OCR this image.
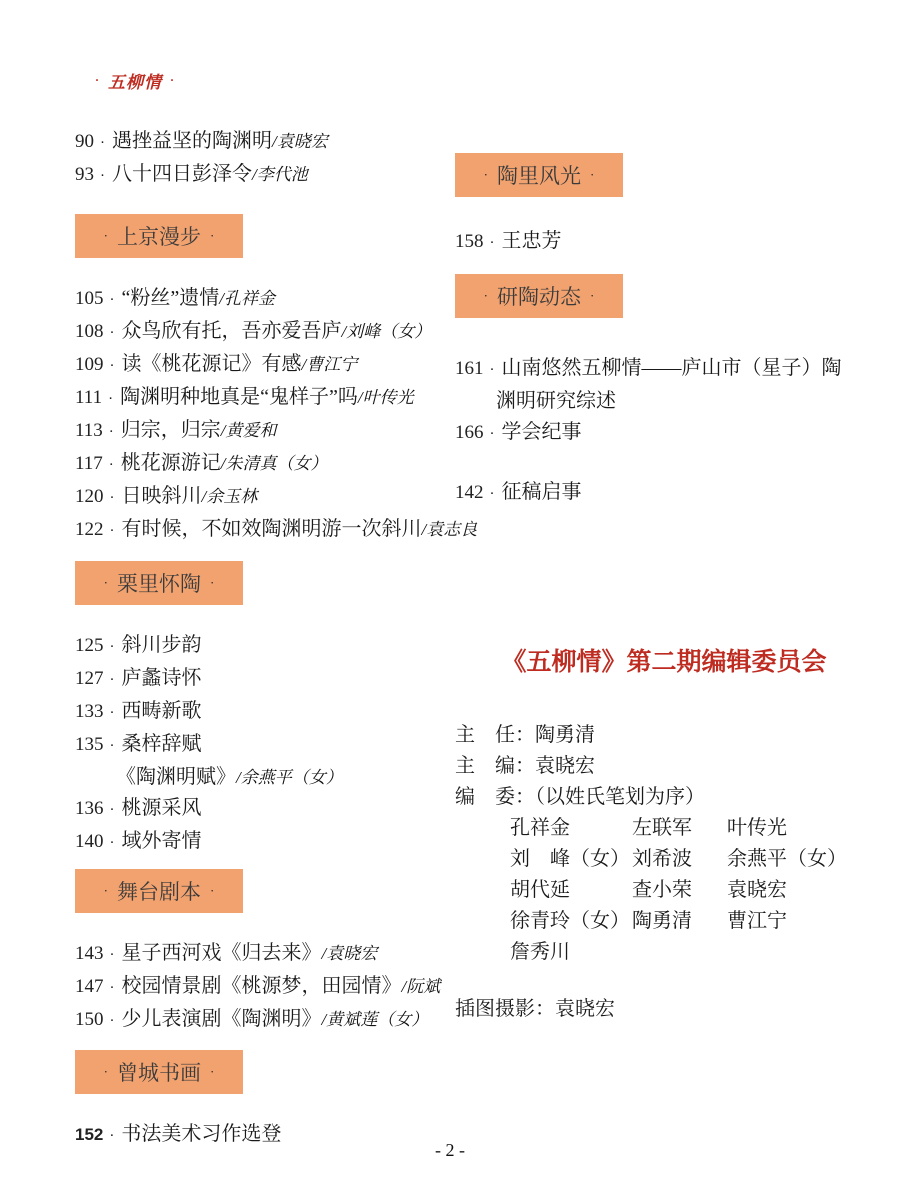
· 五柳情 ·
90 · 遇挫益坚的陶渊明/袁晓宏
93 · 八十四日彭泽令/李代池
· 上京漫步 ·
105 · “粉丝”遗情/孔祥金
108 · 众鸟欣有托，吾亦爱吾庐/刘峰（女）
109 · 读《桃花源记》有感/曹江宁
111 · 陶渊明种地真是“鬼样子”吗/叶传光
113 · 归宗，归宗/黄爱和
117 · 桃花源游记/朱清真（女）
120 · 日映斜川/余玉林
122 · 有时候，不如效陶渊明游一次斜川/袁志良
· 栗里怀陶 ·
125 · 斜川步韵
127 · 庐蠡诗怀
133 · 西畴新歌
135 · 桑梓辞赋
《陶渊明赋》/余燕平（女）
136 · 桃源采风
140 · 域外寄情
· 舞台剧本 ·
143 · 星子西河戏《归去来》/袁晓宏
147 · 校园情景剧《桃源梦，田园情》/阮斌
150 · 少儿表演剧《陶渊明》/黄斌莲（女）
· 曾城书画 ·
152 · 书法美术习作选登
· 陶里风光 ·
158 · 王忠芳
· 研陶动态 ·
161 · 山南悠然五柳情——庐山市（星子）陶
渊明研究综述
166 · 学会纪事
142 · 征稿启事
《五柳情》第二期编辑委员会
主　任：陶勇清
主　编：袁晓宏
编　委：（以姓氏笔划为序）
孔祥金	左联军	叶传光
刘　峰（女） 刘希波	余燕平（女）
胡代延	查小荣	袁晓宏
徐青玲（女） 陶勇清	曹江宁
詹秀川
插图摄影：袁晓宏
- 2 -
